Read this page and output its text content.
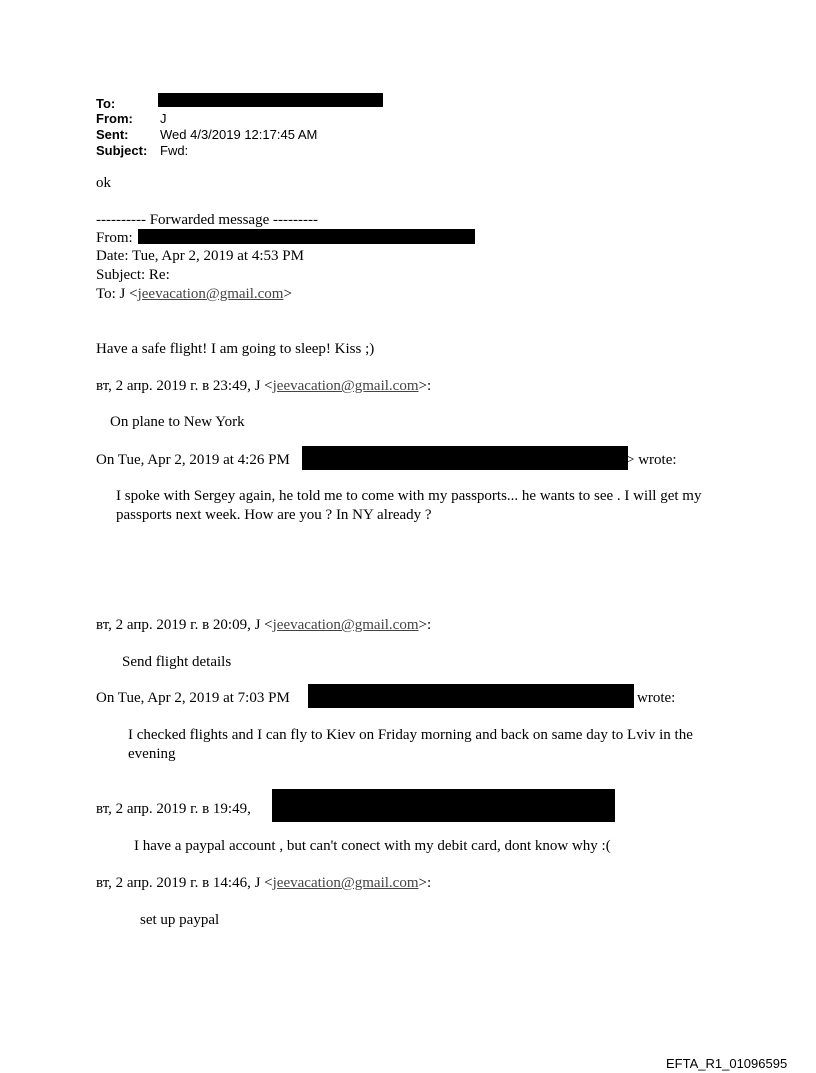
To:
From: J
Sent: Wed 4/3/2019 12:17:45 AM
Subject: Fwd:
ok
---------- Forwarded message ---------
From:
Date: Tue, Apr 2, 2019 at 4:53 PM
Subject: Re:
To: J <jeevacation@gmail.com>
Have a safe flight! I am going to sleep! Kiss ;)
вт, 2 апр. 2019 г. в 23:49, J <jeevacation@gmail.com>:
On plane to New York
On Tue, Apr 2, 2019 at 4:26 PM	> wrote:
I spoke with Sergey again, he told me to come with my passports... he wants to see . I will get my passports next week. How are you ? In NY already ?
вт, 2 апр. 2019 г. в 20:09, J <jeevacation@gmail.com>:
Send flight details
On Tue, Apr 2, 2019 at 7:03 PM	wrote:
I checked flights and I can fly to Kiev on Friday morning and back on same day to Lviv in the evening
вт, 2 апр. 2019 г. в 19:49,
I have a paypal account , but can't conect with my debit card, dont know why :(
вт, 2 апр. 2019 г. в 14:46, J <jeevacation@gmail.com>:
set up paypal
EFTA_R1_01096595
